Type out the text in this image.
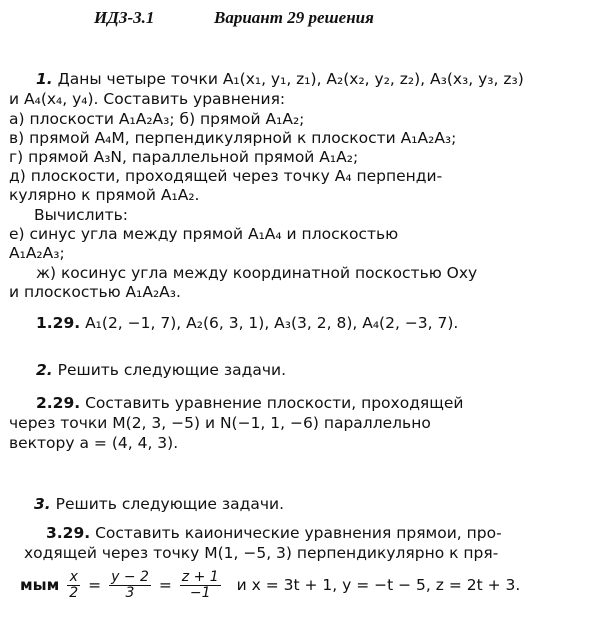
ИДЗ-3.1	Вариант 29 решения
1. Даны четыре точки A₁(x₁, y₁, z₁), A₂(x₂, y₂, z₂), A₃(x₃, y₃, z₃)
и A₄(x₄, y₄). Составить уравнения:
а) плоскости A₁A₂A₃; б) прямой A₁A₂;
в) прямой A₄M, перпендикулярной к плоскости A₁A₂A₃;
г) прямой A₃N, параллельной прямой A₁A₂;
д) плоскости, проходящей через точку A₄ перпенди-
кулярно к прямой A₁A₂.
Вычислить:
е) синус угла между прямой A₁A₄ и плоскостью
A₁A₂A₃;
ж) косинус угла между координатной поскостью Oxy
и плоскостью A₁A₂A₃.
1.29. A₁(2, −1, 7), A₂(6, 3, 1), A₃(3, 2, 8), A₄(2, −3, 7).
2. Решить следующие задачи.
2.29. Составить уравнение плоскости, проходящей
через точки M(2, 3, −5) и N(−1, 1, −6) параллельно
вектору a = (4, 4, 3).
3. Решить следующие задачи.
3.29. Составить каионические уравнения прямои, про-
ходящей через точку M(1, −5, 3) перпендикулярно к пря-
мым $\frac{x}{2} = \frac{y - 2}{3} = \frac{z + 1}{-1}$ и x = 3t + 1, y = −t − 5, z = 2t + 3.
